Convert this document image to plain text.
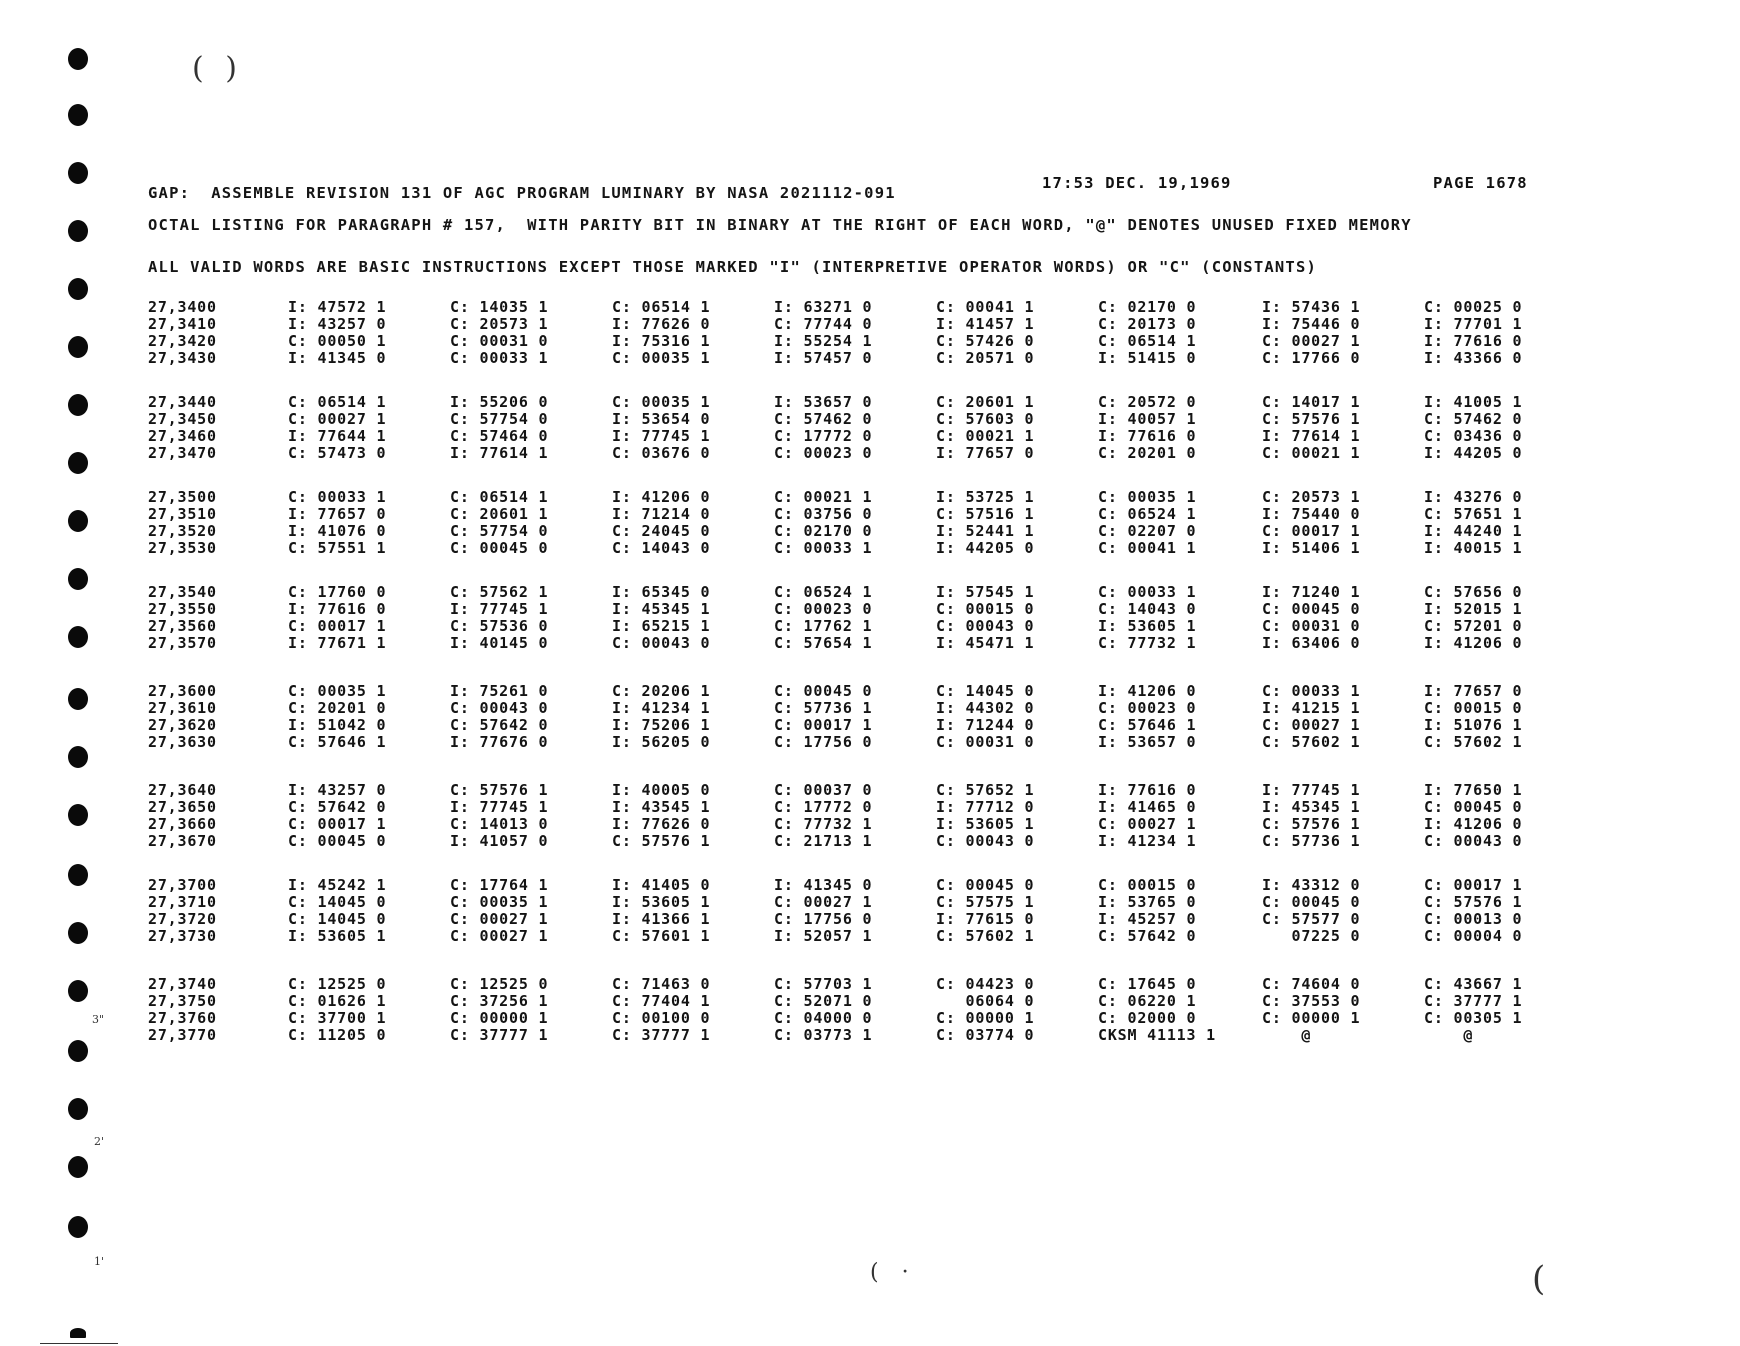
( )
( ·	(
3"
2'
1'
GAP:  ASSEMBLE REVISION 131 OF AGC PROGRAM LUMINARY BY NASA 2021112-091
17:53 DEC. 19,1969	PAGE 1678
OCTAL LISTING FOR PARAGRAPH # 157,  WITH PARITY BIT IN BINARY AT THE RIGHT OF EACH WORD, "@" DENOTES UNUSED FIXED MEMORY
ALL VALID WORDS ARE BASIC INSTRUCTIONS EXCEPT THOSE MARKED "I" (INTERPRETIVE OPERATOR WORDS) OR "C" (CONSTANTS)
27,3400	I: 47572 1	C: 14035 1	C: 06514 1	I: 63271 0	C: 00041 1	C: 02170 0	I: 57436 1	C: 00025 0
27,3410	I: 43257 0	C: 20573 1	I: 77626 0	C: 77744 0	I: 41457 1	C: 20173 0	I: 75446 0	I: 77701 1
27,3420	C: 00050 1	C: 00031 0	I: 75316 1	I: 55254 1	C: 57426 0	C: 06514 1	C: 00027 1	I: 77616 0
27,3430	I: 41345 0	C: 00033 1	C: 00035 1	I: 57457 0	C: 20571 0	I: 51415 0	C: 17766 0	I: 43366 0
27,3440	C: 06514 1	I: 55206 0	C: 00035 1	I: 53657 0	C: 20601 1	C: 20572 0	C: 14017 1	I: 41005 1
27,3450	C: 00027 1	C: 57754 0	I: 53654 0	C: 57462 0	C: 57603 0	I: 40057 1	C: 57576 1	C: 57462 0
27,3460	I: 77644 1	C: 57464 0	I: 77745 1	C: 17772 0	C: 00021 1	I: 77616 0	I: 77614 1	C: 03436 0
27,3470	C: 57473 0	I: 77614 1	C: 03676 0	C: 00023 0	I: 77657 0	C: 20201 0	C: 00021 1	I: 44205 0
27,3500	C: 00033 1	C: 06514 1	I: 41206 0	C: 00021 1	I: 53725 1	C: 00035 1	C: 20573 1	I: 43276 0
27,3510	I: 77657 0	C: 20601 1	I: 71214 0	C: 03756 0	C: 57516 1	C: 06524 1	I: 75440 0	C: 57651 1
27,3520	I: 41076 0	C: 57754 0	C: 24045 0	C: 02170 0	I: 52441 1	C: 02207 0	C: 00017 1	I: 44240 1
27,3530	C: 57551 1	C: 00045 0	C: 14043 0	C: 00033 1	I: 44205 0	C: 00041 1	I: 51406 1	I: 40015 1
27,3540	C: 17760 0	C: 57562 1	I: 65345 0	C: 06524 1	I: 57545 1	C: 00033 1	I: 71240 1	C: 57656 0
27,3550	I: 77616 0	I: 77745 1	I: 45345 1	C: 00023 0	C: 00015 0	C: 14043 0	C: 00045 0	I: 52015 1
27,3560	C: 00017 1	C: 57536 0	I: 65215 1	C: 17762 1	C: 00043 0	I: 53605 1	C: 00031 0	C: 57201 0
27,3570	I: 77671 1	I: 40145 0	C: 00043 0	C: 57654 1	I: 45471 1	C: 77732 1	I: 63406 0	I: 41206 0
27,3600	C: 00035 1	I: 75261 0	C: 20206 1	C: 00045 0	C: 14045 0	I: 41206 0	C: 00033 1	I: 77657 0
27,3610	C: 20201 0	C: 00043 0	I: 41234 1	C: 57736 1	I: 44302 0	C: 00023 0	I: 41215 1	C: 00015 0
27,3620	I: 51042 0	C: 57642 0	I: 75206 1	C: 00017 1	I: 71244 0	C: 57646 1	C: 00027 1	I: 51076 1
27,3630	C: 57646 1	I: 77676 0	I: 56205 0	C: 17756 0	C: 00031 0	I: 53657 0	C: 57602 1	C: 57602 1
27,3640	I: 43257 0	C: 57576 1	I: 40005 0	C: 00037 0	C: 57652 1	I: 77616 0	I: 77745 1	I: 77650 1
27,3650	C: 57642 0	I: 77745 1	I: 43545 1	C: 17772 0	I: 77712 0	I: 41465 0	I: 45345 1	C: 00045 0
27,3660	C: 00017 1	C: 14013 0	I: 77626 0	C: 77732 1	I: 53605 1	C: 00027 1	C: 57576 1	I: 41206 0
27,3670	C: 00045 0	I: 41057 0	C: 57576 1	C: 21713 1	C: 00043 0	I: 41234 1	C: 57736 1	C: 00043 0
27,3700	I: 45242 1	C: 17764 1	I: 41405 0	I: 41345 0	C: 00045 0	C: 00015 0	I: 43312 0	C: 00017 1
27,3710	C: 14045 0	C: 00035 1	I: 53605 1	C: 00027 1	C: 57575 1	I: 53765 0	C: 00045 0	C: 57576 1
27,3720	C: 14045 0	C: 00027 1	I: 41366 1	C: 17756 0	I: 77615 0	I: 45257 0	C: 57577 0	C: 00013 0
27,3730	I: 53605 1	C: 00027 1	C: 57601 1	I: 52057 1	C: 57602 1	C: 57642 0	07225 0	C: 00004 0
27,3740	C: 12525 0	C: 12525 0	C: 71463 0	C: 57703 1	C: 04423 0	C: 17645 0	C: 74604 0	C: 43667 1
27,3750	C: 01626 1	C: 37256 1	C: 77404 1	C: 52071 0	06064 0	C: 06220 1	C: 37553 0	C: 37777 1
27,3760	C: 37700 1	C: 00000 1	C: 00100 0	C: 04000 0	C: 00000 1	C: 02000 0	C: 00000 1	C: 00305 1
27,3770	C: 11205 0	C: 37777 1	C: 37777 1	C: 03773 1	C: 03774 0	CKSM 41113 1	@	@
